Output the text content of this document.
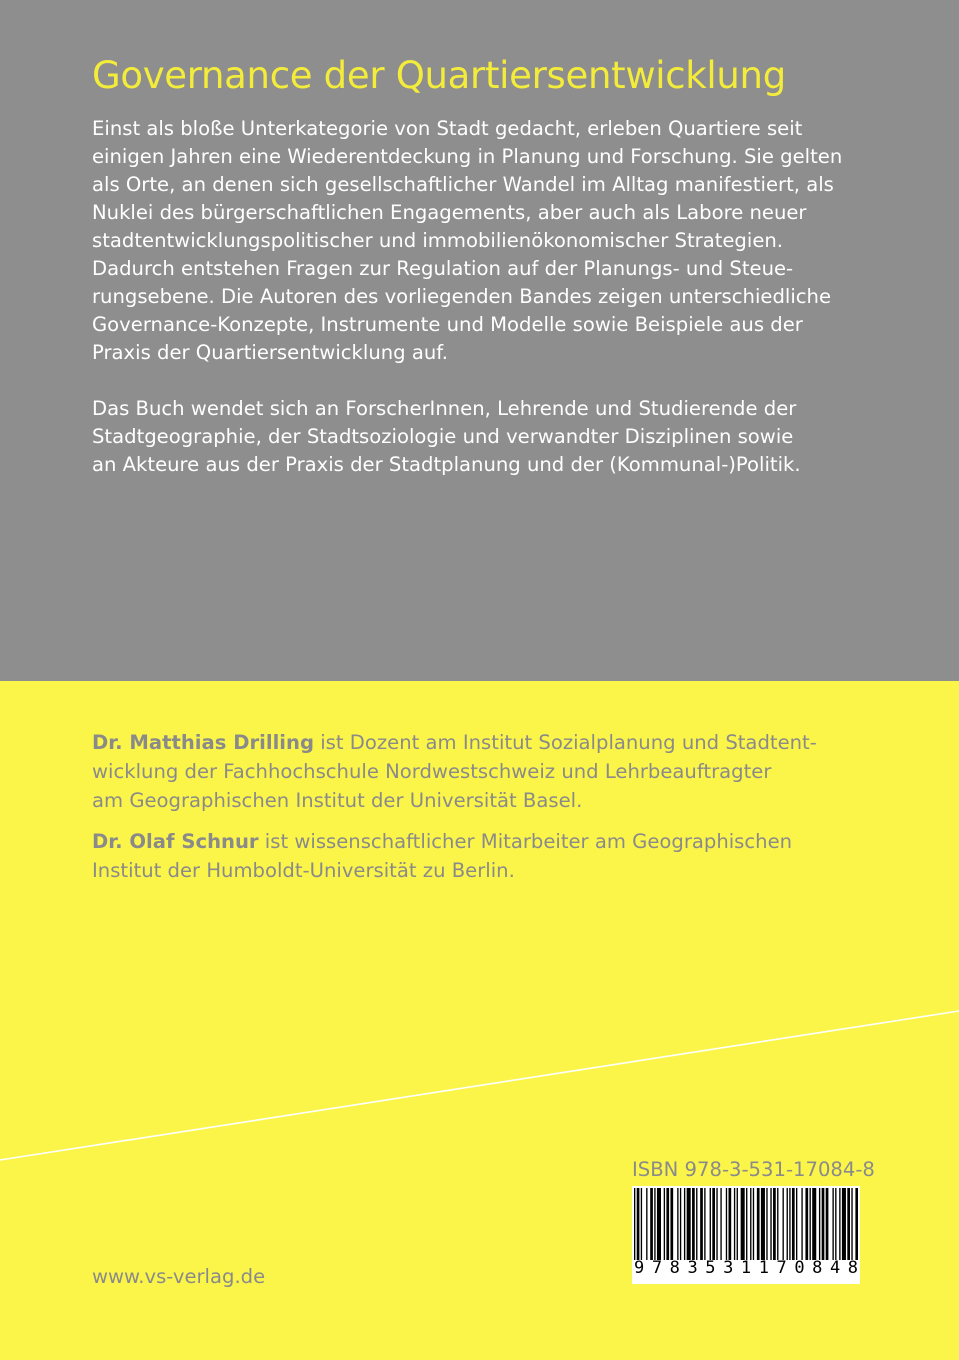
Governance der Quartiersentwicklung

Einst als bloße Unterkategorie von Stadt gedacht, erleben Quartiere seit
einigen Jahren eine Wiederentdeckung in Planung und Forschung. Sie gelten
als Orte, an denen sich gesellschaftlicher Wandel im Alltag manifestiert, als
Nuklei des bürgerschaftlichen Engagements, aber auch als Labore neuer
stadtentwicklungspolitischer und immobilienökonomischer Strategien.
Dadurch entstehen Fragen zur Regulation auf der Planungs- und Steue-
rungsebene. Die Autoren des vorliegenden Bandes zeigen unterschiedliche
Governance-Konzepte, Instrumente und Modelle sowie Beispiele aus der
Praxis der Quartiersentwicklung auf.

Das Buch wendet sich an ForscherInnen, Lehrende und Studierende der
Stadtgeographie, der Stadtsoziologie und verwandter Disziplinen sowie
an Akteure aus der Praxis der Stadtplanung und der (Kommunal-)Politik.

Dr. Matthias Drilling ist Dozent am Institut Sozialplanung und Stadtent-
wicklung der Fachhochschule Nordwestschweiz und Lehrbeauftragter
am Geographischen Institut der Universität Basel.

Dr. Olaf Schnur ist wissenschaftlicher Mitarbeiter am Geographischen
Institut der Humboldt-Universität zu Berlin.

ISBN 978-3-531-17084-8
9 7 8 3 5 3 1 1 7 0 8 4 8
www.vs-verlag.de
